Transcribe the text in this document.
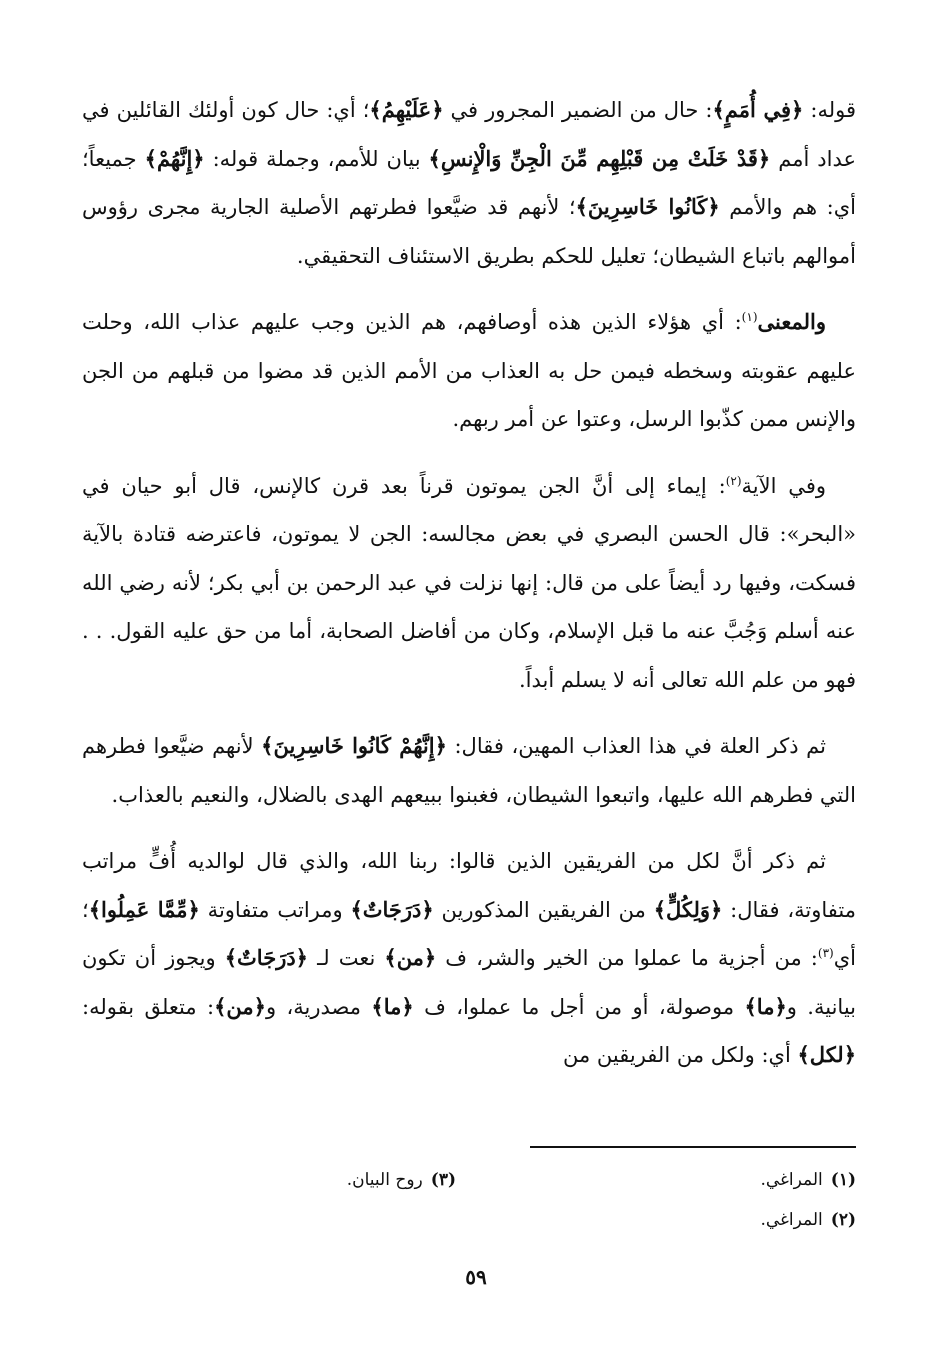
قوله: ﴿فِي أُمَمٍ﴾: حال من الضمير المجرور في ﴿عَلَيْهِمُ﴾؛ أي: حال كون أولئك القائلين في عداد أمم ﴿قَدْ خَلَتْ مِن قَبْلِهِم مِّنَ الْجِنِّ وَالْإِنسِ﴾ بيان للأمم، وجملة قوله: ﴿إِنَّهُمْ﴾ جميعاً؛ أي: هم والأمم ﴿كَانُوا خَاسِرِينَ﴾؛ لأنهم قد ضيَّعوا فطرتهم الأصلية الجارية مجرى رؤوس أموالهم باتباع الشيطان؛ تعليل للحكم بطريق الاستئناف التحقيقي.

والمعنى$^{(١)}$: أي هؤلاء الذين هذه أوصافهم، هم الذين وجب عليهم عذاب الله، وحلت عليهم عقوبته وسخطه فيمن حل به العذاب من الأمم الذين قد مضوا من قبلهم من الجن والإنس ممن كذّبوا الرسل، وعتوا عن أمر ربهم.

وفي الآية$^{(٢)}$: إيماء إلى أنَّ الجن يموتون قرناً بعد قرن كالإنس، قال أبو حيان في «البحر»: قال الحسن البصري في بعض مجالسه: الجن لا يموتون، فاعترضه قتادة بالآية فسكت، وفيها رد أيضاً على من قال: إنها نزلت في عبد الرحمن بن أبي بكر؛ لأنه رضي الله عنه أسلم وَجُبَّ عنه ما قبل الإسلام، وكان من أفاضل الصحابة، أما من حق عليه القول. . . فهو من علم الله تعالى أنه لا يسلم أبداً.

ثم ذكر العلة في هذا العذاب المهين، فقال: ﴿إِنَّهُمْ كَانُوا خَاسِرِينَ﴾ لأنهم ضيَّعوا فطرهم التي فطرهم الله عليها، واتبعوا الشيطان، فغبنوا ببيعهم الهدى بالضلال، والنعيم بالعذاب.

ثم ذكر أنَّ لكل من الفريقين الذين قالوا: ربنا الله، والذي قال لوالديه أُفٍّ مراتب متفاوتة، فقال: ﴿وَلِكُلٍّ﴾ من الفريقين المذكورين ﴿دَرَجَاتٌ﴾ ومراتب متفاوتة ﴿مِّمَّا عَمِلُوا﴾؛ أي$^{(٣)}$: من أجزية ما عملوا من الخير والشر، ف ﴿من﴾ نعت لـ ﴿دَرَجَاتٌ﴾ ويجوز أن تكون بيانية. و﴿ما﴾ موصولة، أو من أجل ما عملوا، ف ﴿ما﴾ مصدرية، و﴿من﴾: متعلق بقوله: ﴿لكل﴾ أي: ولكل من الفريقين من

(١)المراغي.
(٣)روح البيان.
(٢)المراغي.
٥٩
